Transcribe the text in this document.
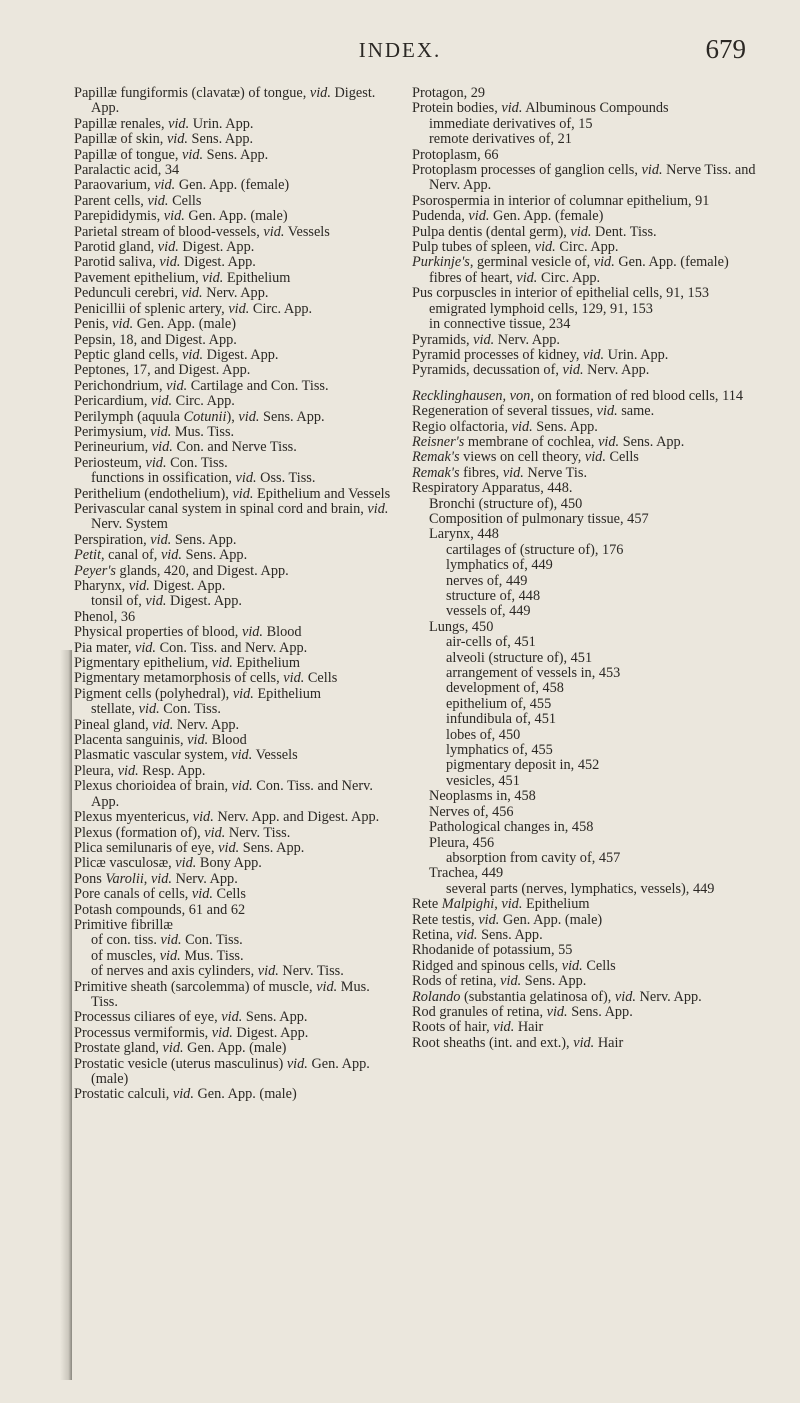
INDEX.	679

Papillæ fungiformis (clavatæ) of tongue, vid. Digest. App.

Papillæ renales, vid. Urin. App.

Papillæ of skin, vid. Sens. App.

Papillæ of tongue, vid. Sens. App.

Paralactic acid, 34

Paraovarium, vid. Gen. App. (female)

Parent cells, vid. Cells

Parepididymis, vid. Gen. App. (male)

Parietal stream of blood-vessels, vid. Vessels

Parotid gland, vid. Digest. App.

Parotid saliva, vid. Digest. App.

Pavement epithelium, vid. Epithelium

Pedunculi cerebri, vid. Nerv. App.

Penicillii of splenic artery, vid. Circ. App.

Penis, vid. Gen. App. (male)

Pepsin, 18, and Digest. App.

Peptic gland cells, vid. Digest. App.

Peptones, 17, and Digest. App.

Perichondrium, vid. Cartilage and Con. Tiss.

Pericardium, vid. Circ. App.

Perilymph (aquula Cotunii), vid. Sens. App.

Perimysium, vid. Mus. Tiss.

Perineurium, vid. Con. and Nerve Tiss.

Periosteum, vid. Con. Tiss.

functions in ossification, vid. Oss. Tiss.

Perithelium (endothelium), vid. Epithelium and Vessels

Perivascular canal system in spinal cord and brain, vid. Nerv. System

Perspiration, vid. Sens. App.

Petit, canal of, vid. Sens. App.

Peyer's glands, 420, and Digest. App.

Pharynx, vid. Digest. App.

tonsil of, vid. Digest. App.

Phenol, 36

Physical properties of blood, vid. Blood

Pia mater, vid. Con. Tiss. and Nerv. App.

Pigmentary epithelium, vid. Epithelium

Pigmentary metamorphosis of cells, vid. Cells

Pigment cells (polyhedral), vid. Epithelium

stellate, vid. Con. Tiss.

Pineal gland, vid. Nerv. App.

Placenta sanguinis, vid. Blood

Plasmatic vascular system, vid. Vessels

Pleura, vid. Resp. App.

Plexus chorioidea of brain, vid. Con. Tiss. and Nerv. App.

Plexus myentericus, vid. Nerv. App. and Digest. App.

Plexus (formation of), vid. Nerv. Tiss.

Plica semilunaris of eye, vid. Sens. App.

Plicæ vasculosæ, vid. Bony App.

Pons Varolii, vid. Nerv. App.

Pore canals of cells, vid. Cells

Potash compounds, 61 and 62

Primitive fibrillæ

of con. tiss. vid. Con. Tiss.

of muscles, vid. Mus. Tiss.

of nerves and axis cylinders, vid. Nerv. Tiss.

Primitive sheath (sarcolemma) of muscle, vid. Mus. Tiss.

Processus ciliares of eye, vid. Sens. App.

Processus vermiformis, vid. Digest. App.

Prostate gland, vid. Gen. App. (male)

Prostatic vesicle (uterus masculinus) vid. Gen. App. (male)

Prostatic calculi, vid. Gen. App. (male)

Protagon, 29

Protein bodies, vid. Albuminous Compounds

immediate derivatives of, 15

remote derivatives of, 21

Protoplasm, 66

Protoplasm processes of ganglion cells, vid. Nerve Tiss. and Nerv. App.

Psorospermia in interior of columnar epithelium, 91

Pudenda, vid. Gen. App. (female)

Pulpa dentis (dental germ), vid. Dent. Tiss.

Pulp tubes of spleen, vid. Circ. App.

Purkinje's, germinal vesicle of, vid. Gen. App. (female)

fibres of heart, vid. Circ. App.

Pus corpuscles in interior of epithelial cells, 91, 153

emigrated lymphoid cells, 129, 91, 153

in connective tissue, 234

Pyramids, vid. Nerv. App.

Pyramid processes of kidney, vid. Urin. App.

Pyramids, decussation of, vid. Nerv. App.

Recklinghausen, von, on formation of red blood cells, 114

Regeneration of several tissues, vid. same.

Regio olfactoria, vid. Sens. App.

Reisner's membrane of cochlea, vid. Sens. App.

Remak's views on cell theory, vid. Cells

Remak's fibres, vid. Nerve Tis.

Respiratory Apparatus, 448.

Bronchi (structure of), 450

Composition of pulmonary tissue, 457

Larynx, 448

cartilages of (structure of), 176

lymphatics of, 449

nerves of, 449

structure of, 448

vessels of, 449

Lungs, 450

air-cells of, 451

alveoli (structure of), 451

arrangement of vessels in, 453

development of, 458

epithelium of, 455

infundibula of, 451

lobes of, 450

lymphatics of, 455

pigmentary deposit in, 452

vesicles, 451

Neoplasms in, 458

Nerves of, 456

Pathological changes in, 458

Pleura, 456

absorption from cavity of, 457

Trachea, 449

several parts (nerves, lymphatics, vessels), 449

Rete Malpighi, vid. Epithelium

Rete testis, vid. Gen. App. (male)

Retina, vid. Sens. App.

Rhodanide of potassium, 55

Ridged and spinous cells, vid. Cells

Rods of retina, vid. Sens. App.

Rolando (substantia gelatinosa of), vid. Nerv. App.

Rod granules of retina, vid. Sens. App.

Roots of hair, vid. Hair

Root sheaths (int. and ext.), vid. Hair
